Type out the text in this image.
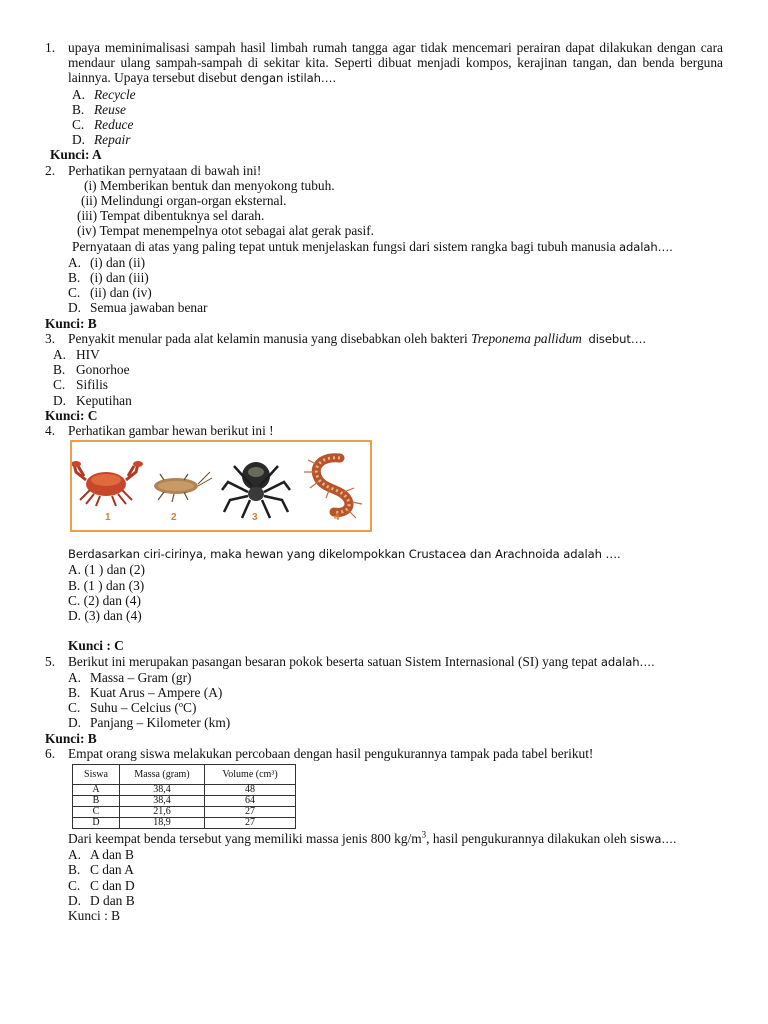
1. upaya meminimalisasi sampah hasil limbah rumah tangga agar tidak mencemari perairan dapat dilakukan dengan cara mendaur ulang sampah-sampah di sekitar kita. Seperti dibuat menjadi kompos, kerajinan tangan, dan benda berguna lainnya. Upaya tersebut disebut dengan istilah….
A. Recycle
B. Reuse
C. Reduce
D. Repair
Kunci: A
2. Perhatikan pernyataan di bawah ini!
(i) Memberikan bentuk dan menyokong tubuh.
(ii) Melindungi organ-organ eksternal.
(iii) Tempat dibentuknya sel darah.
(iv) Tempat menempelnya otot sebagai alat gerak pasif.
Pernyataan di atas yang paling tepat untuk menjelaskan fungsi dari sistem rangka bagi tubuh manusia adalah….
A. (i) dan (ii)
B. (i) dan (iii)
C. (ii) dan (iv)
D. Semua jawaban benar
Kunci: B
3. Penyakit menular pada alat kelamin manusia yang disebabkan oleh bakteri Treponema pallidum disebut….
A. HIV
B. Gonorhoe
C. Sifilis
D. Keputihan
Kunci: C
4. Perhatikan gambar hewan berikut ini !
1	2	3	4
Berdasarkan ciri-cirinya, maka hewan yang dikelompokkan Crustacea dan Arachnoida adalah ….
A. (1 ) dan (2)
B. (1 ) dan (3)
C. (2) dan (4)
D. (3) dan (4)
Kunci : C
5. Berikut ini merupakan pasangan besaran pokok beserta satuan Sistem Internasional (SI) yang tepat adalah….
A. Massa – Gram (gr)
B. Kuat Arus – Ampere (A)
C. Suhu – Celcius (ºC)
D. Panjang – Kilometer (km)
Kunci: B
6. Empat orang siswa melakukan percobaan dengan hasil pengukurannya tampak pada tabel berikut!
Siswa	Massa (gram)	Volume (cm³)
A	38,4	48
B	38,4	64
C	21,6	27
D	18,9	27
Dari keempat benda tersebut yang memiliki massa jenis 800 $kg/m^3$, hasil pengukurannya dilakukan oleh siswa….
A. A dan B
B. C dan A
C. C dan D
D. D dan B
Kunci : B
